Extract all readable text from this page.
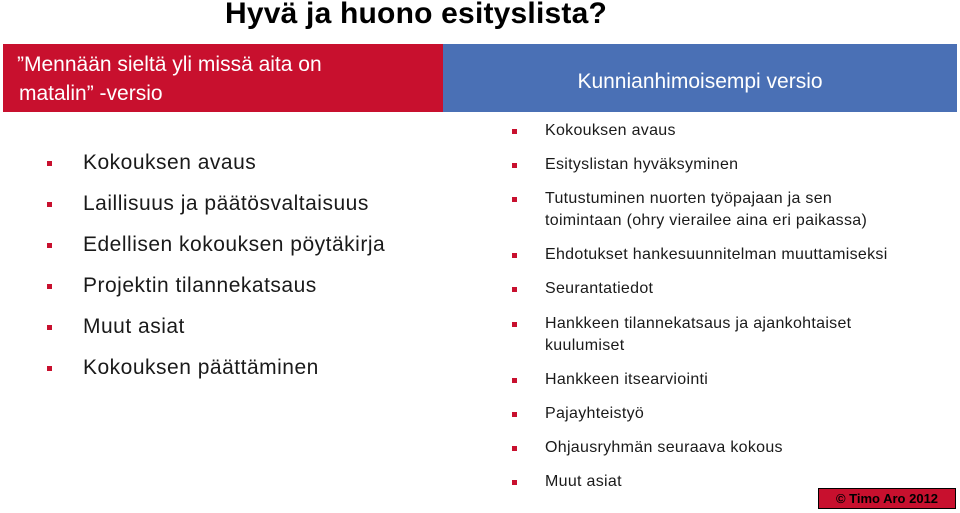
Hyvä ja huono esityslista?
”Mennään sieltä yli missä aita on
matalin” -versio
Kunnianhimoisempi versio
Kokouksen avaus
Laillisuus ja päätösvaltaisuus
Edellisen kokouksen pöytäkirja
Projektin tilannekatsaus
Muut asiat
Kokouksen päättäminen
Kokouksen avaus
Esityslistan hyväksyminen
Tutustuminen nuorten työpajaan ja sen
toimintaan (ohry vierailee aina eri paikassa)
Ehdotukset hankesuunnitelman muuttamiseksi
Seurantatiedot
Hankkeen tilannekatsaus ja ajankohtaiset
kuulumiset
Hankkeen itsearviointi
Pajayhteistyö
Ohjausryhmän seuraava kokous
Muut asiat
© Timo Aro 2012
